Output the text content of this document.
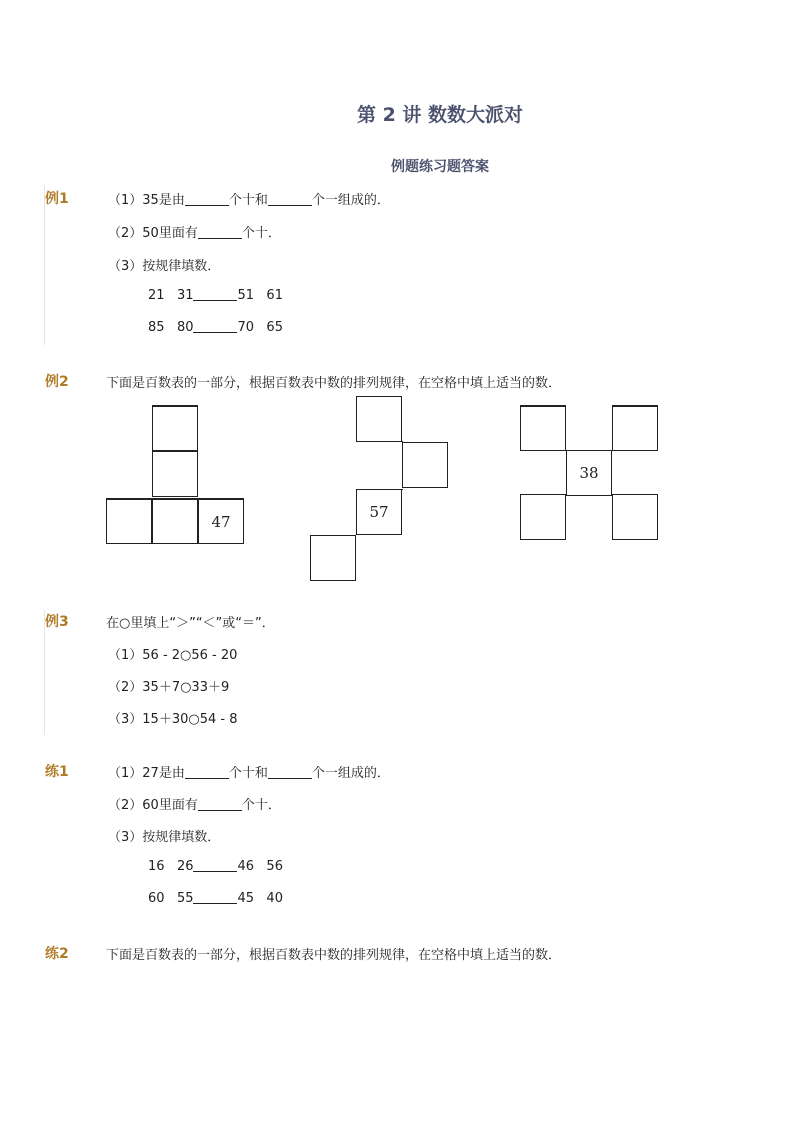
第 2 讲 数数大派对
例题练习题答案
例1	（1）35是由	个十和	个一组成的．
（2）50里面有	个十．
（3）按规律填数．
21   31	51   61
85   80	70   65
例2	下面是百数表的一部分，根据百数表中数的排列规律，在空格中填上适当的数．
47
57
38
例3	在○里填上“＞”“＜”或“＝”．
（1）56 - 2○56 - 20
（2）35＋7○33＋9
（3）15＋30○54 - 8
练1	（1）27是由	个十和	个一组成的．
（2）60里面有	个十．
（3）按规律填数．
16   26	46   56
60   55	45   40
练2	下面是百数表的一部分，根据百数表中数的排列规律，在空格中填上适当的数．
